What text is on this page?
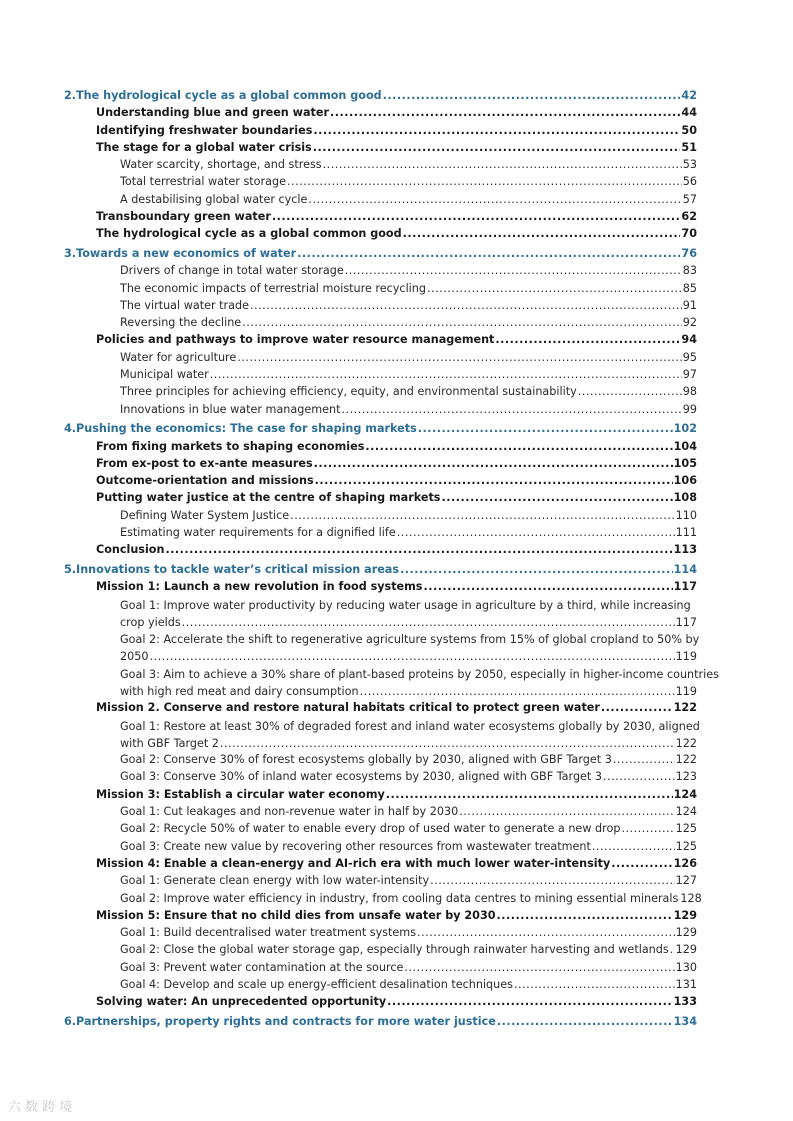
2. The hydrological cycle as a global common good .....	42
Understanding blue and green water .....	44
Identifying freshwater boundaries .....	50
The stage for a global water crisis .....	51
Water scarcity, shortage, and stress .....	53
Total terrestrial water storage .....	56
A destabilising global water cycle .....	57
Transboundary green water .....	62
The hydrological cycle as a global common good .....	70
3. Towards a new economics of water .....	76
Drivers of change in total water storage .....	83
The economic impacts of terrestrial moisture recycling .....	85
The virtual water trade .....	91
Reversing the decline .....	92
Policies and pathways to improve water resource management .....	94
Water for agriculture .....	95
Municipal water .....	97
Three principles for achieving efficiency, equity, and environmental sustainability .....	98
Innovations in blue water management .....	99
4. Pushing the economics: The case for shaping markets .....	102
From fixing markets to shaping economies .....	104
From ex-post to ex-ante measures .....	105
Outcome-orientation and missions .....	106
Putting water justice at the centre of shaping markets .....	108
Defining Water System Justice .....	110
Estimating water requirements for a dignified life .....	111
Conclusion .....	113
5. Innovations to tackle water’s critical mission areas .....	114
Mission 1: Launch a new revolution in food systems .....	117
Goal 1: Improve water productivity by reducing water usage in agriculture by a third, while increasing
crop yields .....	117
Goal 2: Accelerate the shift to regenerative agriculture systems from 15% of global cropland to 50% by
2050 .....	119
Goal 3: Aim to achieve a 30% share of plant-based proteins by 2050, especially in higher-income countries
with high red meat and dairy consumption .....	119
Mission 2. Conserve and restore natural habitats critical to protect green water .....	122
Goal 1: Restore at least 30% of degraded forest and inland water ecosystems globally by 2030, aligned
with GBF Target 2 .....	122
Goal 2: Conserve 30% of forest ecosystems globally by 2030, aligned with GBF Target 3 .....	122
Goal 3: Conserve 30% of inland water ecosystems by 2030, aligned with GBF Target 3 .....	123
Mission 3: Establish a circular water economy .....	124
Goal 1: Cut leakages and non-revenue water in half by 2030 .....	124
Goal 2: Recycle 50% of water to enable every drop of used water to generate a new drop .....	125
Goal 3: Create new value by recovering other resources from wastewater treatment .....	125
Mission 4: Enable a clean-energy and AI-rich era with much lower water-intensity .....	126
Goal 1: Generate clean energy with low water-intensity .....	127
Goal 2: Improve water efficiency in industry, from cooling data centres to mining essential minerals 128
Mission 5: Ensure that no child dies from unsafe water by 2030 .....	129
Goal 1: Build decentralised water treatment systems .....	129
Goal 2: Close the global water storage gap, especially through rainwater harvesting and wetlands ..... 129
Goal 3: Prevent water contamination at the source .....	130
Goal 4: Develop and scale up energy-efficient desalination techniques .....	131
Solving water: An unprecedented opportunity .....	133
6. Partnerships, property rights and contracts for more water justice .....	134
六 数 跨 境
